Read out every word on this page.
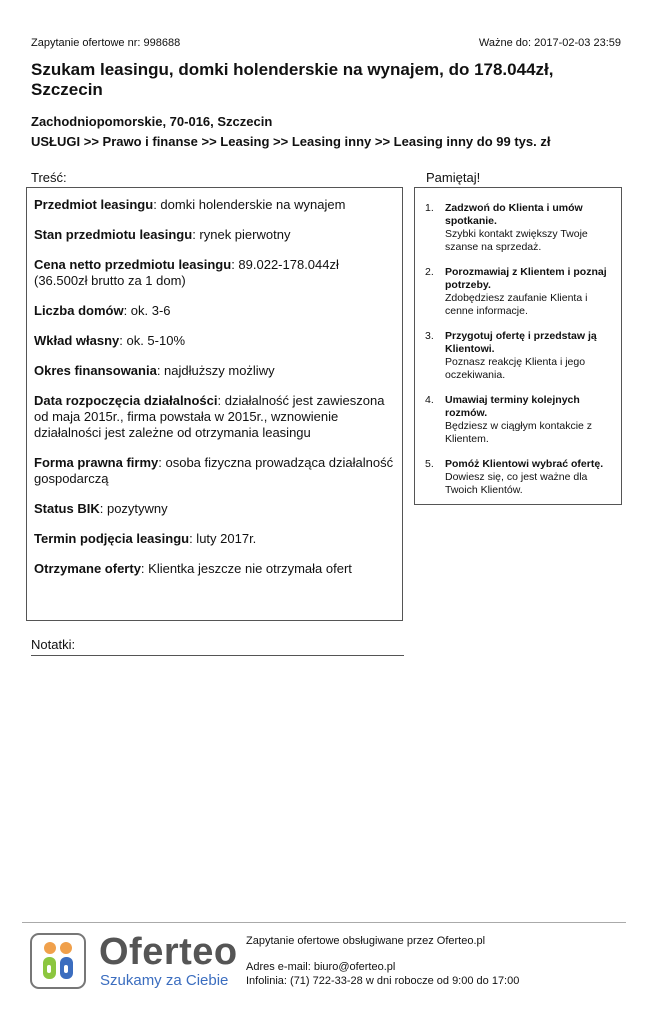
Zapytanie ofertowe nr: 998688	Ważne do: 2017-02-03 23:59
Szukam leasingu, domki holenderskie na wynajem, do 178.044zł, Szczecin
Zachodniopomorskie, 70-016, Szczecin
USŁUGI >> Prawo i finanse >> Leasing >> Leasing inny >> Leasing inny do 99 tys. zł
Treść:	Pamiętaj!

Przedmiot leasingu: domki holenderskie na wynajem

Stan przedmiotu leasingu: rynek pierwotny

Cena netto przedmiotu leasingu: 89.022-178.044zł (36.500zł brutto za 1 dom)

Liczba domów: ok. 3-6

Wkład własny: ok. 5-10%

Okres finansowania: najdłuższy możliwy

Data rozpoczęcia działalności: działalność jest zawieszona od maja 2015r., firma powstała w 2015r., wznowienie działalności jest zależne od otrzymania leasingu

Forma prawna firmy: osoba fizyczna prowadząca działalność gospodarczą

Status BIK: pozytywny

Termin podjęcia leasingu: luty 2017r.

Otrzymane oferty: Klientka jeszcze nie otrzymała ofert

1. Zadzwoń do Klienta i umów spotkanie.
Szybki kontakt zwiększy Twoje szanse na sprzedaż.
2. Porozmawiaj z Klientem i poznaj potrzeby.
Zdobędziesz zaufanie Klienta i cenne informacje.
3. Przygotuj ofertę i przedstaw ją Klientowi.
Poznasz reakcję Klienta i jego oczekiwania.
4. Umawiaj terminy kolejnych rozmów.
Będziesz w ciągłym kontakcie z Klientem.
5. Pomóż Klientowi wybrać ofertę.
Dowiesz się, co jest ważne dla Twoich Klientów.
Notatki:
Oferteo
Szukamy za Ciebie
Zapytanie ofertowe obsługiwane przez Oferteo.pl
Adres e-mail: biuro@oferteo.pl
Infolinia: (71) 722-33-28 w dni robocze od 9:00 do 17:00
